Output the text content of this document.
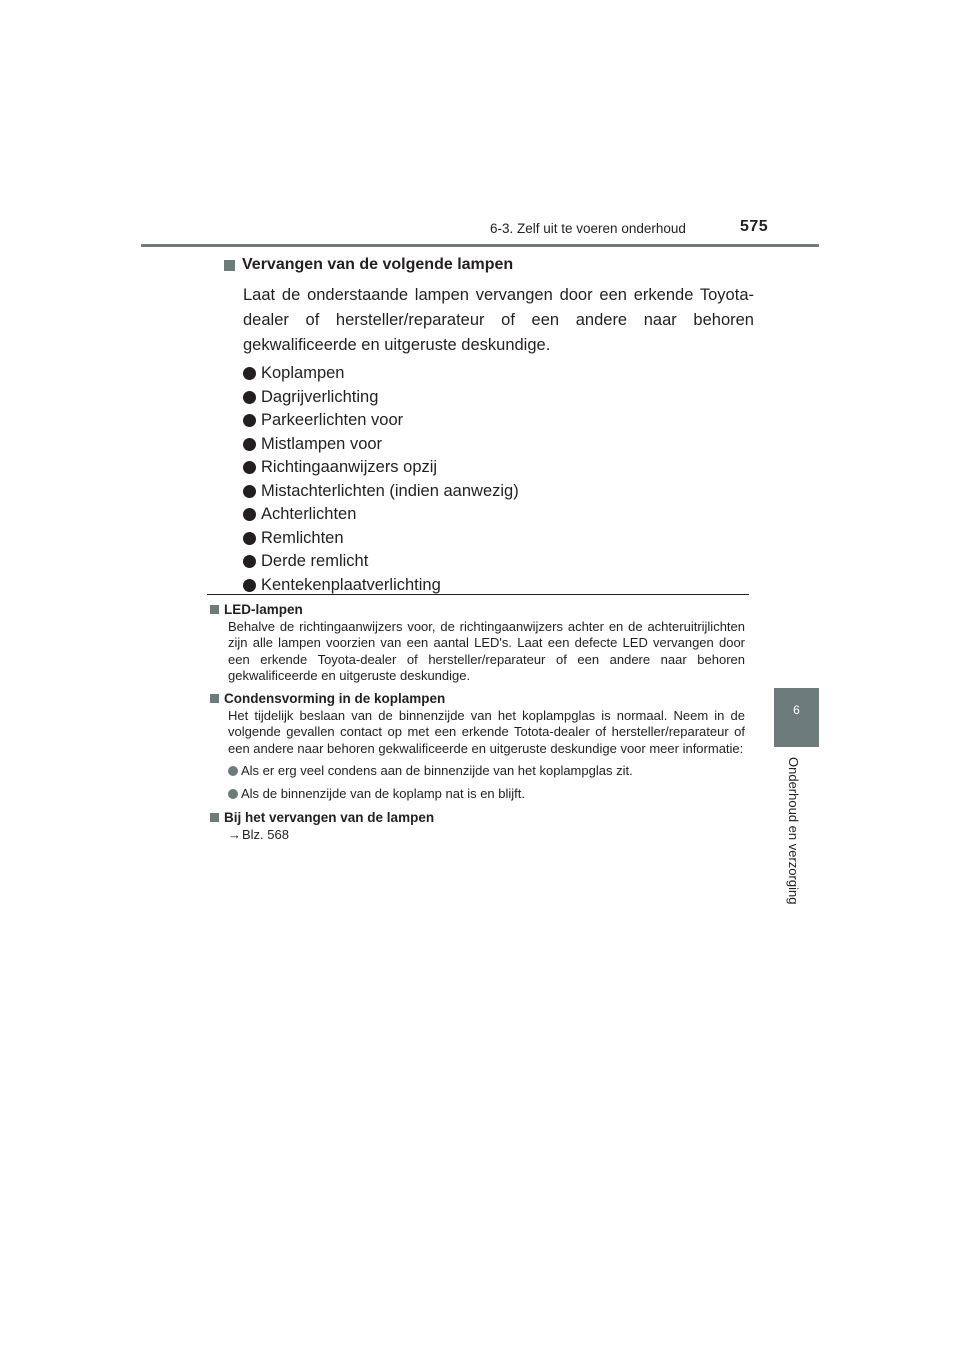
6-3. Zelf uit te voeren onderhoud	575
6
Onderhoud en verzorging
Vervangen van de volgende lampen

Laat de onderstaande lampen vervangen door een erkende Toyota-dealer of hersteller/reparateur of een andere naar behoren gekwalificeerde en uitgeruste deskundige.

Koplampen
Dagrijverlichting
Parkeerlichten voor
Mistlampen voor
Richtingaanwijzers opzij
Mistachterlichten (indien aanwezig)
Achterlichten
Remlichten
Derde remlicht
Kentekenplaatverlichting
LED-lampen

Behalve de richtingaanwijzers voor, de richtingaanwijzers achter en de achteruitrijlichten zijn alle lampen voorzien van een aantal LED's. Laat een defecte LED vervangen door een erkende Toyota-dealer of hersteller/reparateur of een andere naar behoren gekwalificeerde en uitgeruste deskundige.

Condensvorming in de koplampen

Het tijdelijk beslaan van de binnenzijde van het koplampglas is normaal. Neem in de volgende gevallen contact op met een erkende Totota-dealer of hersteller/reparateur of een andere naar behoren gekwalificeerde en uitgeruste deskundige voor meer informatie:

Als er erg veel condens aan de binnenzijde van het koplampglas zit.
Als de binnenzijde van de koplamp nat is en blijft.
Bij het vervangen van de lampen

→Blz. 568
